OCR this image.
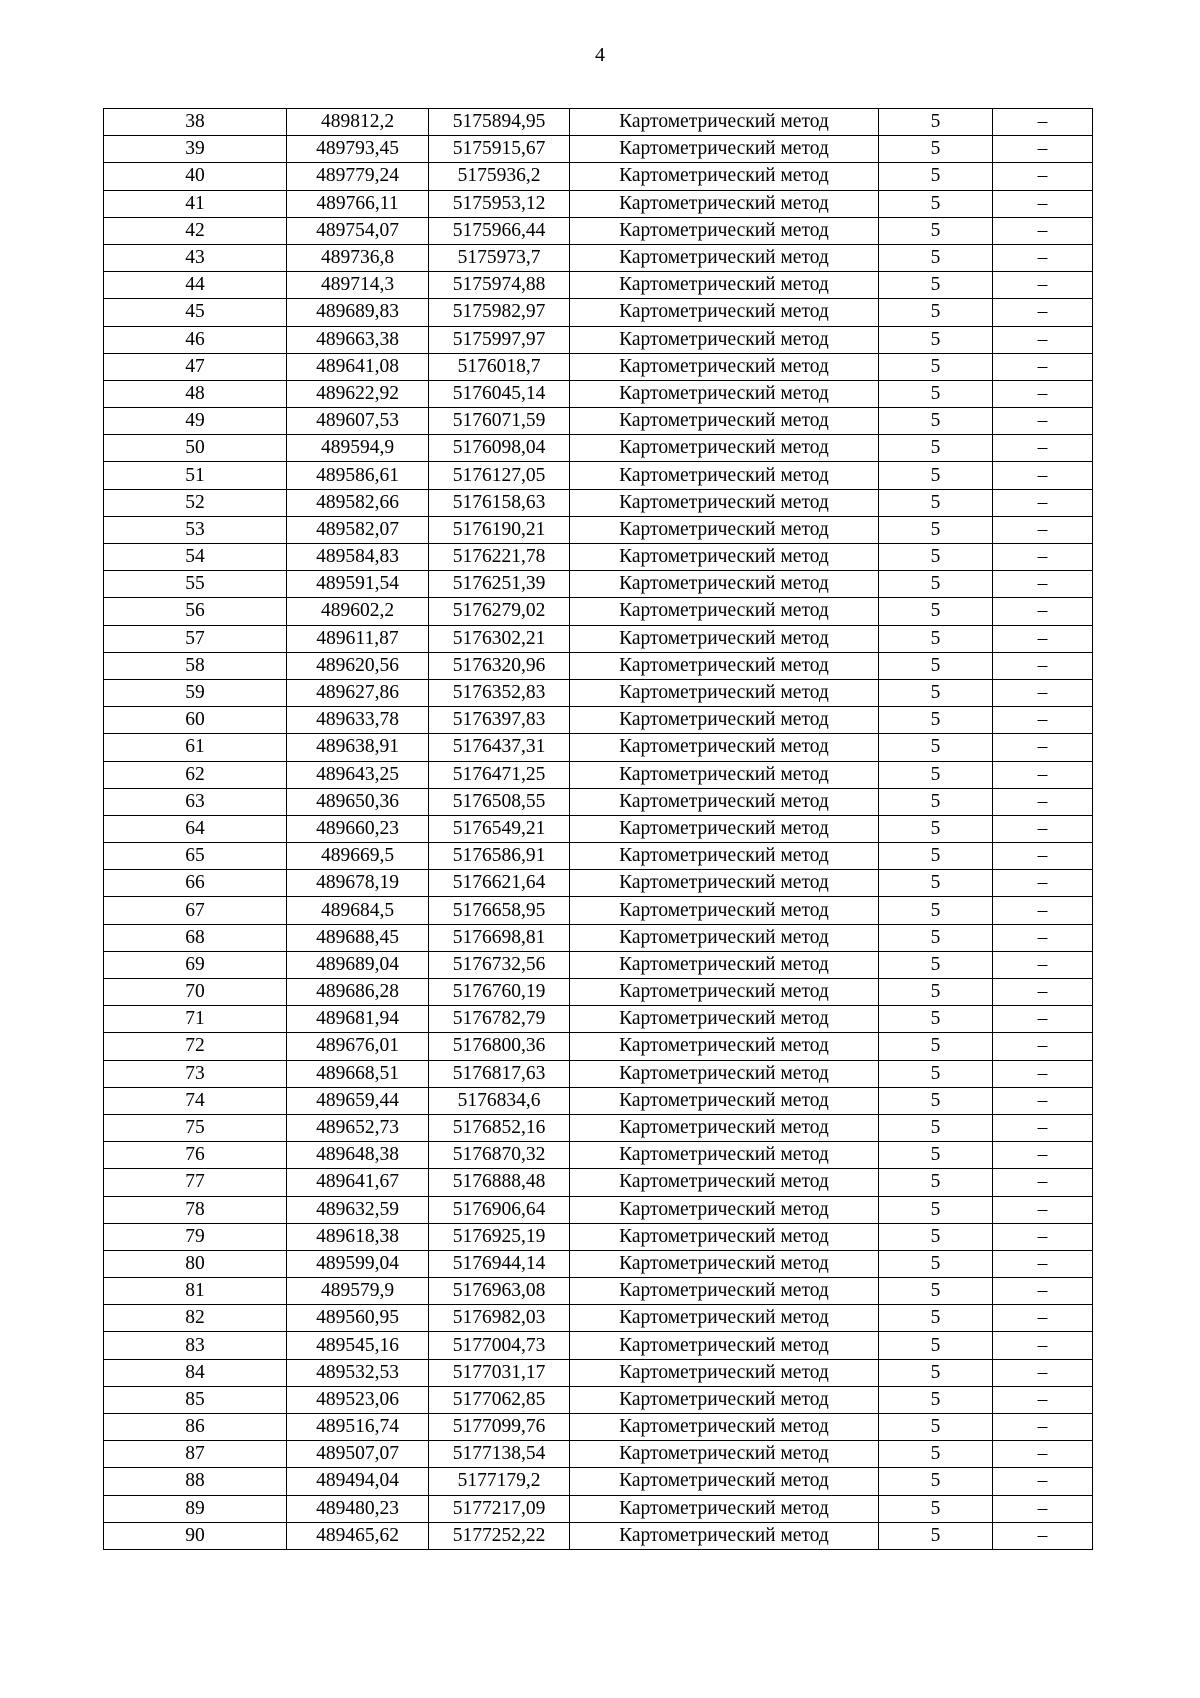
4
38	489812,2	5175894,95	Картометрический метод	5	–
39	489793,45	5175915,67	Картометрический метод	5	–
40	489779,24	5175936,2	Картометрический метод	5	–
41	489766,11	5175953,12	Картометрический метод	5	–
42	489754,07	5175966,44	Картометрический метод	5	–
43	489736,8	5175973,7	Картометрический метод	5	–
44	489714,3	5175974,88	Картометрический метод	5	–
45	489689,83	5175982,97	Картометрический метод	5	–
46	489663,38	5175997,97	Картометрический метод	5	–
47	489641,08	5176018,7	Картометрический метод	5	–
48	489622,92	5176045,14	Картометрический метод	5	–
49	489607,53	5176071,59	Картометрический метод	5	–
50	489594,9	5176098,04	Картометрический метод	5	–
51	489586,61	5176127,05	Картометрический метод	5	–
52	489582,66	5176158,63	Картометрический метод	5	–
53	489582,07	5176190,21	Картометрический метод	5	–
54	489584,83	5176221,78	Картометрический метод	5	–
55	489591,54	5176251,39	Картометрический метод	5	–
56	489602,2	5176279,02	Картометрический метод	5	–
57	489611,87	5176302,21	Картометрический метод	5	–
58	489620,56	5176320,96	Картометрический метод	5	–
59	489627,86	5176352,83	Картометрический метод	5	–
60	489633,78	5176397,83	Картометрический метод	5	–
61	489638,91	5176437,31	Картометрический метод	5	–
62	489643,25	5176471,25	Картометрический метод	5	–
63	489650,36	5176508,55	Картометрический метод	5	–
64	489660,23	5176549,21	Картометрический метод	5	–
65	489669,5	5176586,91	Картометрический метод	5	–
66	489678,19	5176621,64	Картометрический метод	5	–
67	489684,5	5176658,95	Картометрический метод	5	–
68	489688,45	5176698,81	Картометрический метод	5	–
69	489689,04	5176732,56	Картометрический метод	5	–
70	489686,28	5176760,19	Картометрический метод	5	–
71	489681,94	5176782,79	Картометрический метод	5	–
72	489676,01	5176800,36	Картометрический метод	5	–
73	489668,51	5176817,63	Картометрический метод	5	–
74	489659,44	5176834,6	Картометрический метод	5	–
75	489652,73	5176852,16	Картометрический метод	5	–
76	489648,38	5176870,32	Картометрический метод	5	–
77	489641,67	5176888,48	Картометрический метод	5	–
78	489632,59	5176906,64	Картометрический метод	5	–
79	489618,38	5176925,19	Картометрический метод	5	–
80	489599,04	5176944,14	Картометрический метод	5	–
81	489579,9	5176963,08	Картометрический метод	5	–
82	489560,95	5176982,03	Картометрический метод	5	–
83	489545,16	5177004,73	Картометрический метод	5	–
84	489532,53	5177031,17	Картометрический метод	5	–
85	489523,06	5177062,85	Картометрический метод	5	–
86	489516,74	5177099,76	Картометрический метод	5	–
87	489507,07	5177138,54	Картометрический метод	5	–
88	489494,04	5177179,2	Картометрический метод	5	–
89	489480,23	5177217,09	Картометрический метод	5	–
90	489465,62	5177252,22	Картометрический метод	5	–
